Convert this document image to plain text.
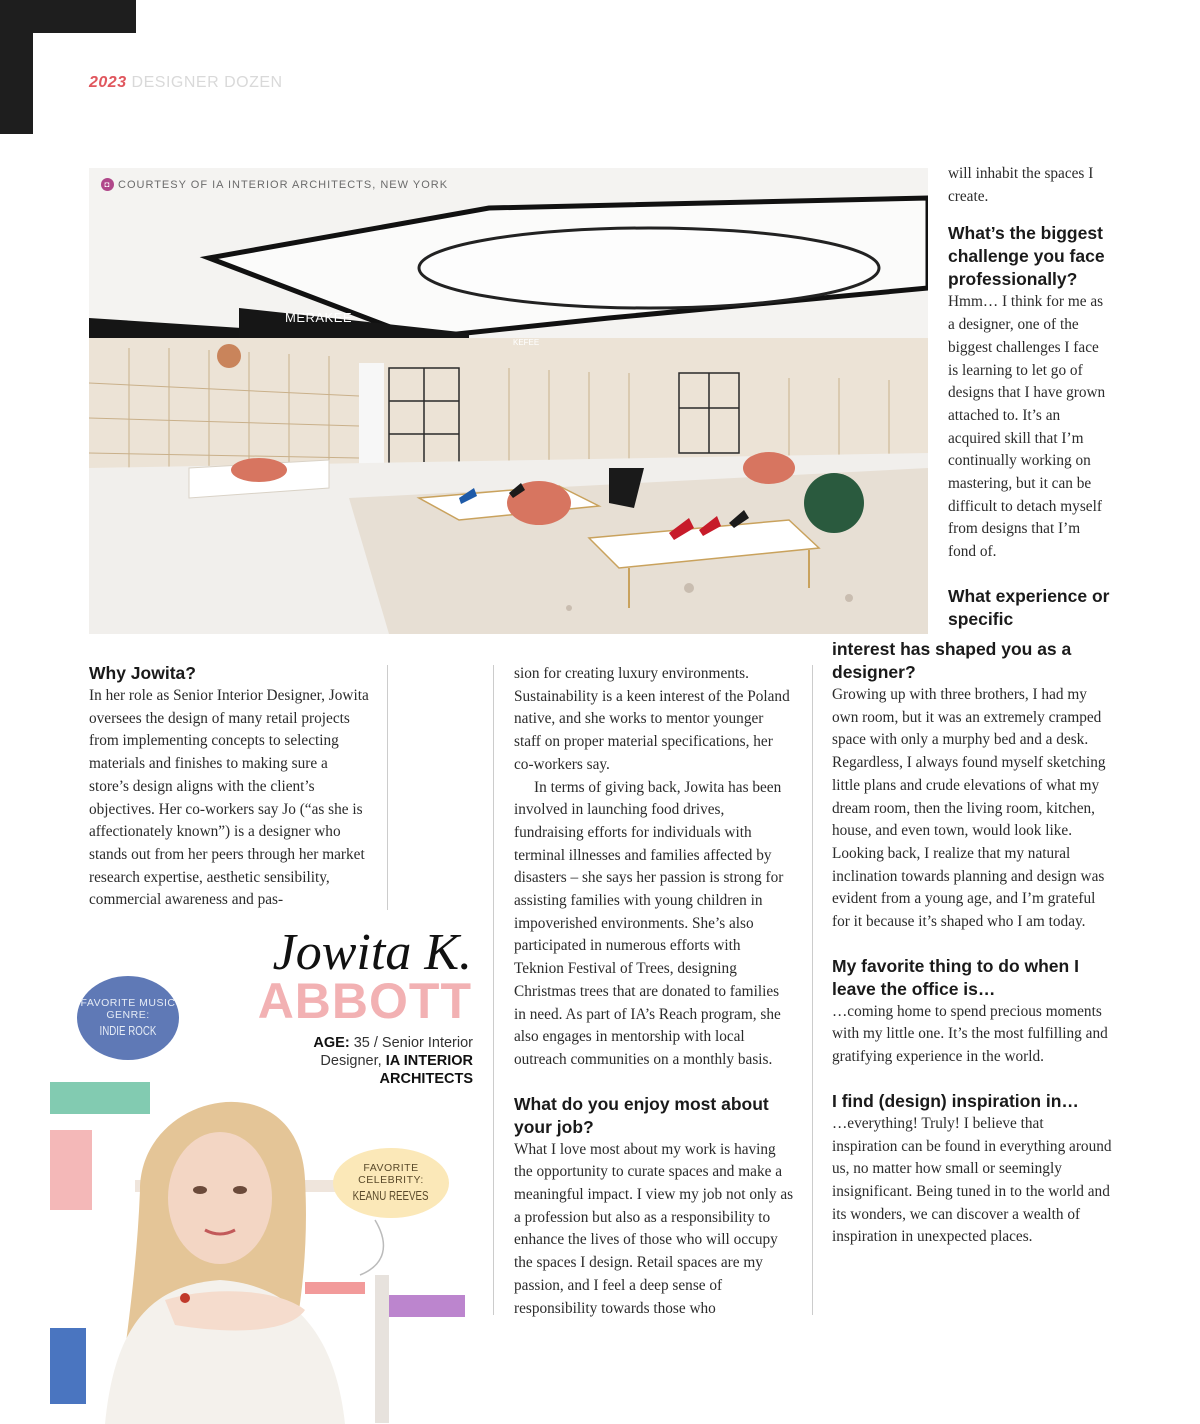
2023 DESIGNER DOZEN
◘ COURTESY OF IA INTERIOR ARCHITECTS, NEW YORK
MERAKEE
KEFEE

will inhabit the spaces I create.

What’s the biggest challenge you face professionally?

Hmm… I think for me as a designer, one of the biggest challenges I face is learning to let go of designs that I have grown attached to. It’s an acquired skill that I’m continually working on mastering, but it can be difficult to detach myself from designs that I’m fond of.

What experience or specific

Why Jowita?

In her role as Senior Interior Designer, Jowita oversees the design of many retail projects from implementing concepts to selecting materials and finishes to making sure a store’s design aligns with the client’s objectives. Her co-workers say Jo (“as she is affectionately known”) is a designer who stands out from her peers through her market research expertise, aesthetic sensibility, commercial awareness and pas-

sion for creating luxury environments. Sustainability is a keen interest of the Poland native, and she works to mentor younger staff on proper material specifications, her co-workers say.

In terms of giving back, Jowita has been involved in launching food drives, fundraising efforts for individuals with terminal illnesses and families affected by disasters – she says her passion is strong for assisting families with young children in impoverished environments. She’s also participated in numerous efforts with Teknion Festival of Trees, designing Christmas trees that are donated to families in need. As part of IA’s Reach program, she also engages in mentorship with local outreach communities on a monthly basis.

What do you enjoy most about your job?

What I love most about my work is having the opportunity to curate spaces and make a meaningful impact. I view my job not only as a profession but also as a responsibility to enhance the lives of those who will occupy the spaces I design. Retail spaces are my passion, and I feel a deep sense of responsibility towards those who

interest has shaped you as a designer?

Growing up with three brothers, I had my own room, but it was an extremely cramped space with only a murphy bed and a desk. Regardless, I always found myself sketching little plans and crude elevations of what my dream room, then the living room, kitchen, house, and even town, would look like. Looking back, I realize that my natural inclination towards planning and design was evident from a young age, and I’m grateful for it because it’s shaped who I am today.

My favorite thing to do when I leave the office is…

…coming home to spend precious moments with my little one. It’s the most fulfilling and gratifying experience in the world.

I find (design) inspiration in…

…everything! Truly! I believe that inspiration can be found in everything around us, no matter how small or seemingly insignificant. Being tuned in to the world and its wonders, we can discover a wealth of inspiration in unexpected places.

FAVORITE MUSIC GENRE:
INDIE ROCK
FAVORITE CELEBRITY:
KEANU REEVES
Jowita K.
ABBOTT
AGE: 35 / Senior Interior Designer, IA INTERIOR ARCHITECTS
